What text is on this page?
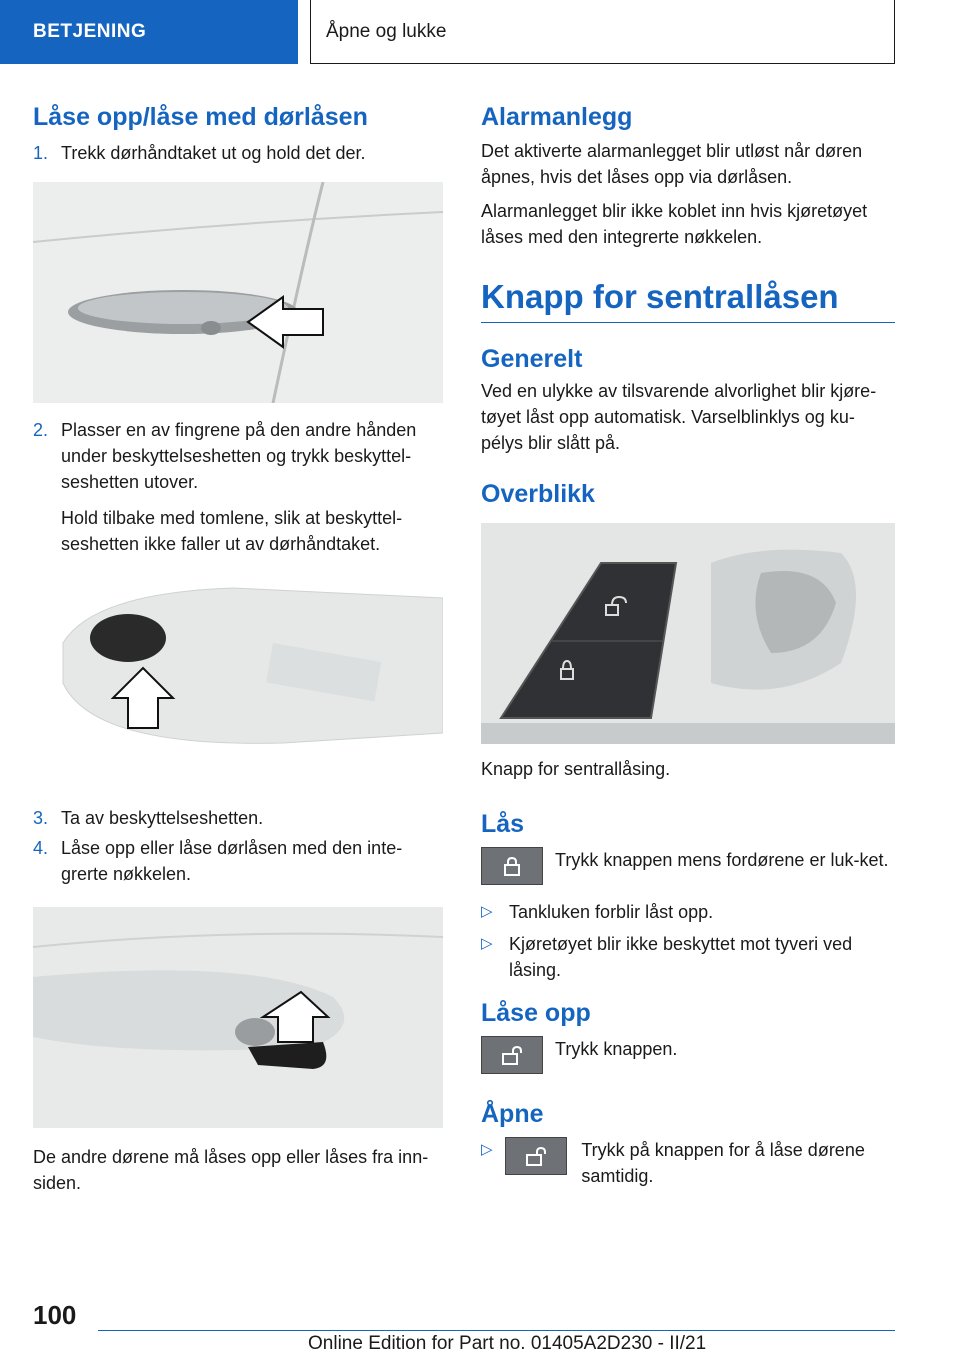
BETJENING	Åpne og lukke
Låse opp/låse med dørlåsen
1. Trekk dørhåndtaket ut og hold det der.
2. Plasser en av fingrene på den andre hånden under beskyttelseshetten og trykk beskyttel-seshetten utover.

Hold tilbake med tomlene, slik at beskyttel-seshetten ikke faller ut av dørhåndtaket.

3. Ta av beskyttelseshetten.
4. Låse opp eller låse dørlåsen med den inte-grerte nøkkelen.

De andre dørene må låses opp eller låses fra inn-siden.

Alarmanlegg

Det aktiverte alarmanlegget blir utløst når døren åpnes, hvis det låses opp via dørlåsen.

Alarmanlegget blir ikke koblet inn hvis kjøretøyet låses med den integrerte nøkkelen.

Knapp for sentrallåsen
Generelt

Ved en ulykke av tilsvarende alvorlighet blir kjøre-tøyet låst opp automatisk. Varselblinklys og ku-pélys blir slått på.

Overblikk

Knapp for sentrallåsing.

Lås

Trykk knappen mens fordørene er luk-ket.

▷ Tankluken forblir låst opp.
▷ Kjøretøyet blir ikke beskyttet mot tyveri ved låsing.
Låse opp

Trykk knappen.

Åpne
▷	Trykk på knappen for å låse dørene samtidig.

100
Online Edition for Part no. 01405A2D230 - II/21
